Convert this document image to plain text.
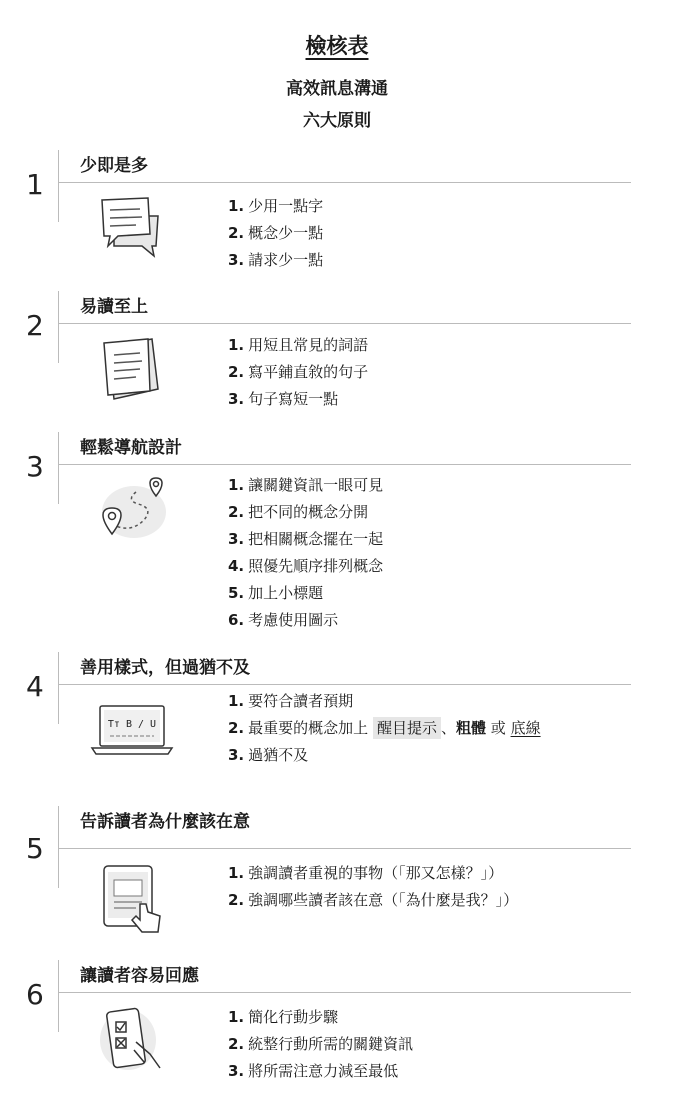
檢核表
高效訊息溝通
六大原則
1
少即是多
1. 少用一點字
2. 概念少一點
3. 請求少一點
2
易讀至上
1. 用短且常見的詞語
2. 寫平鋪直敘的句子
3. 句子寫短一點
3
輕鬆導航設計
1. 讓關鍵資訊一眼可見
2. 把不同的概念分開
3. 把相關概念擺在一起
4. 照優先順序排列概念
5. 加上小標題
6. 考慮使用圖示
4
善用樣式，但過猶不及
Tт B / U
1. 要符合讀者預期
2. 最重要的概念加上 醒目提示 、粗體 或 底線
3. 過猶不及
5
告訴讀者為什麼該在意
1. 強調讀者重視的事物（「那又怎樣？」）
2. 強調哪些讀者該在意（「為什麼是我？」）
6
讓讀者容易回應
1. 簡化行動步驟
2. 統整行動所需的關鍵資訊
3. 將所需注意力減至最低
